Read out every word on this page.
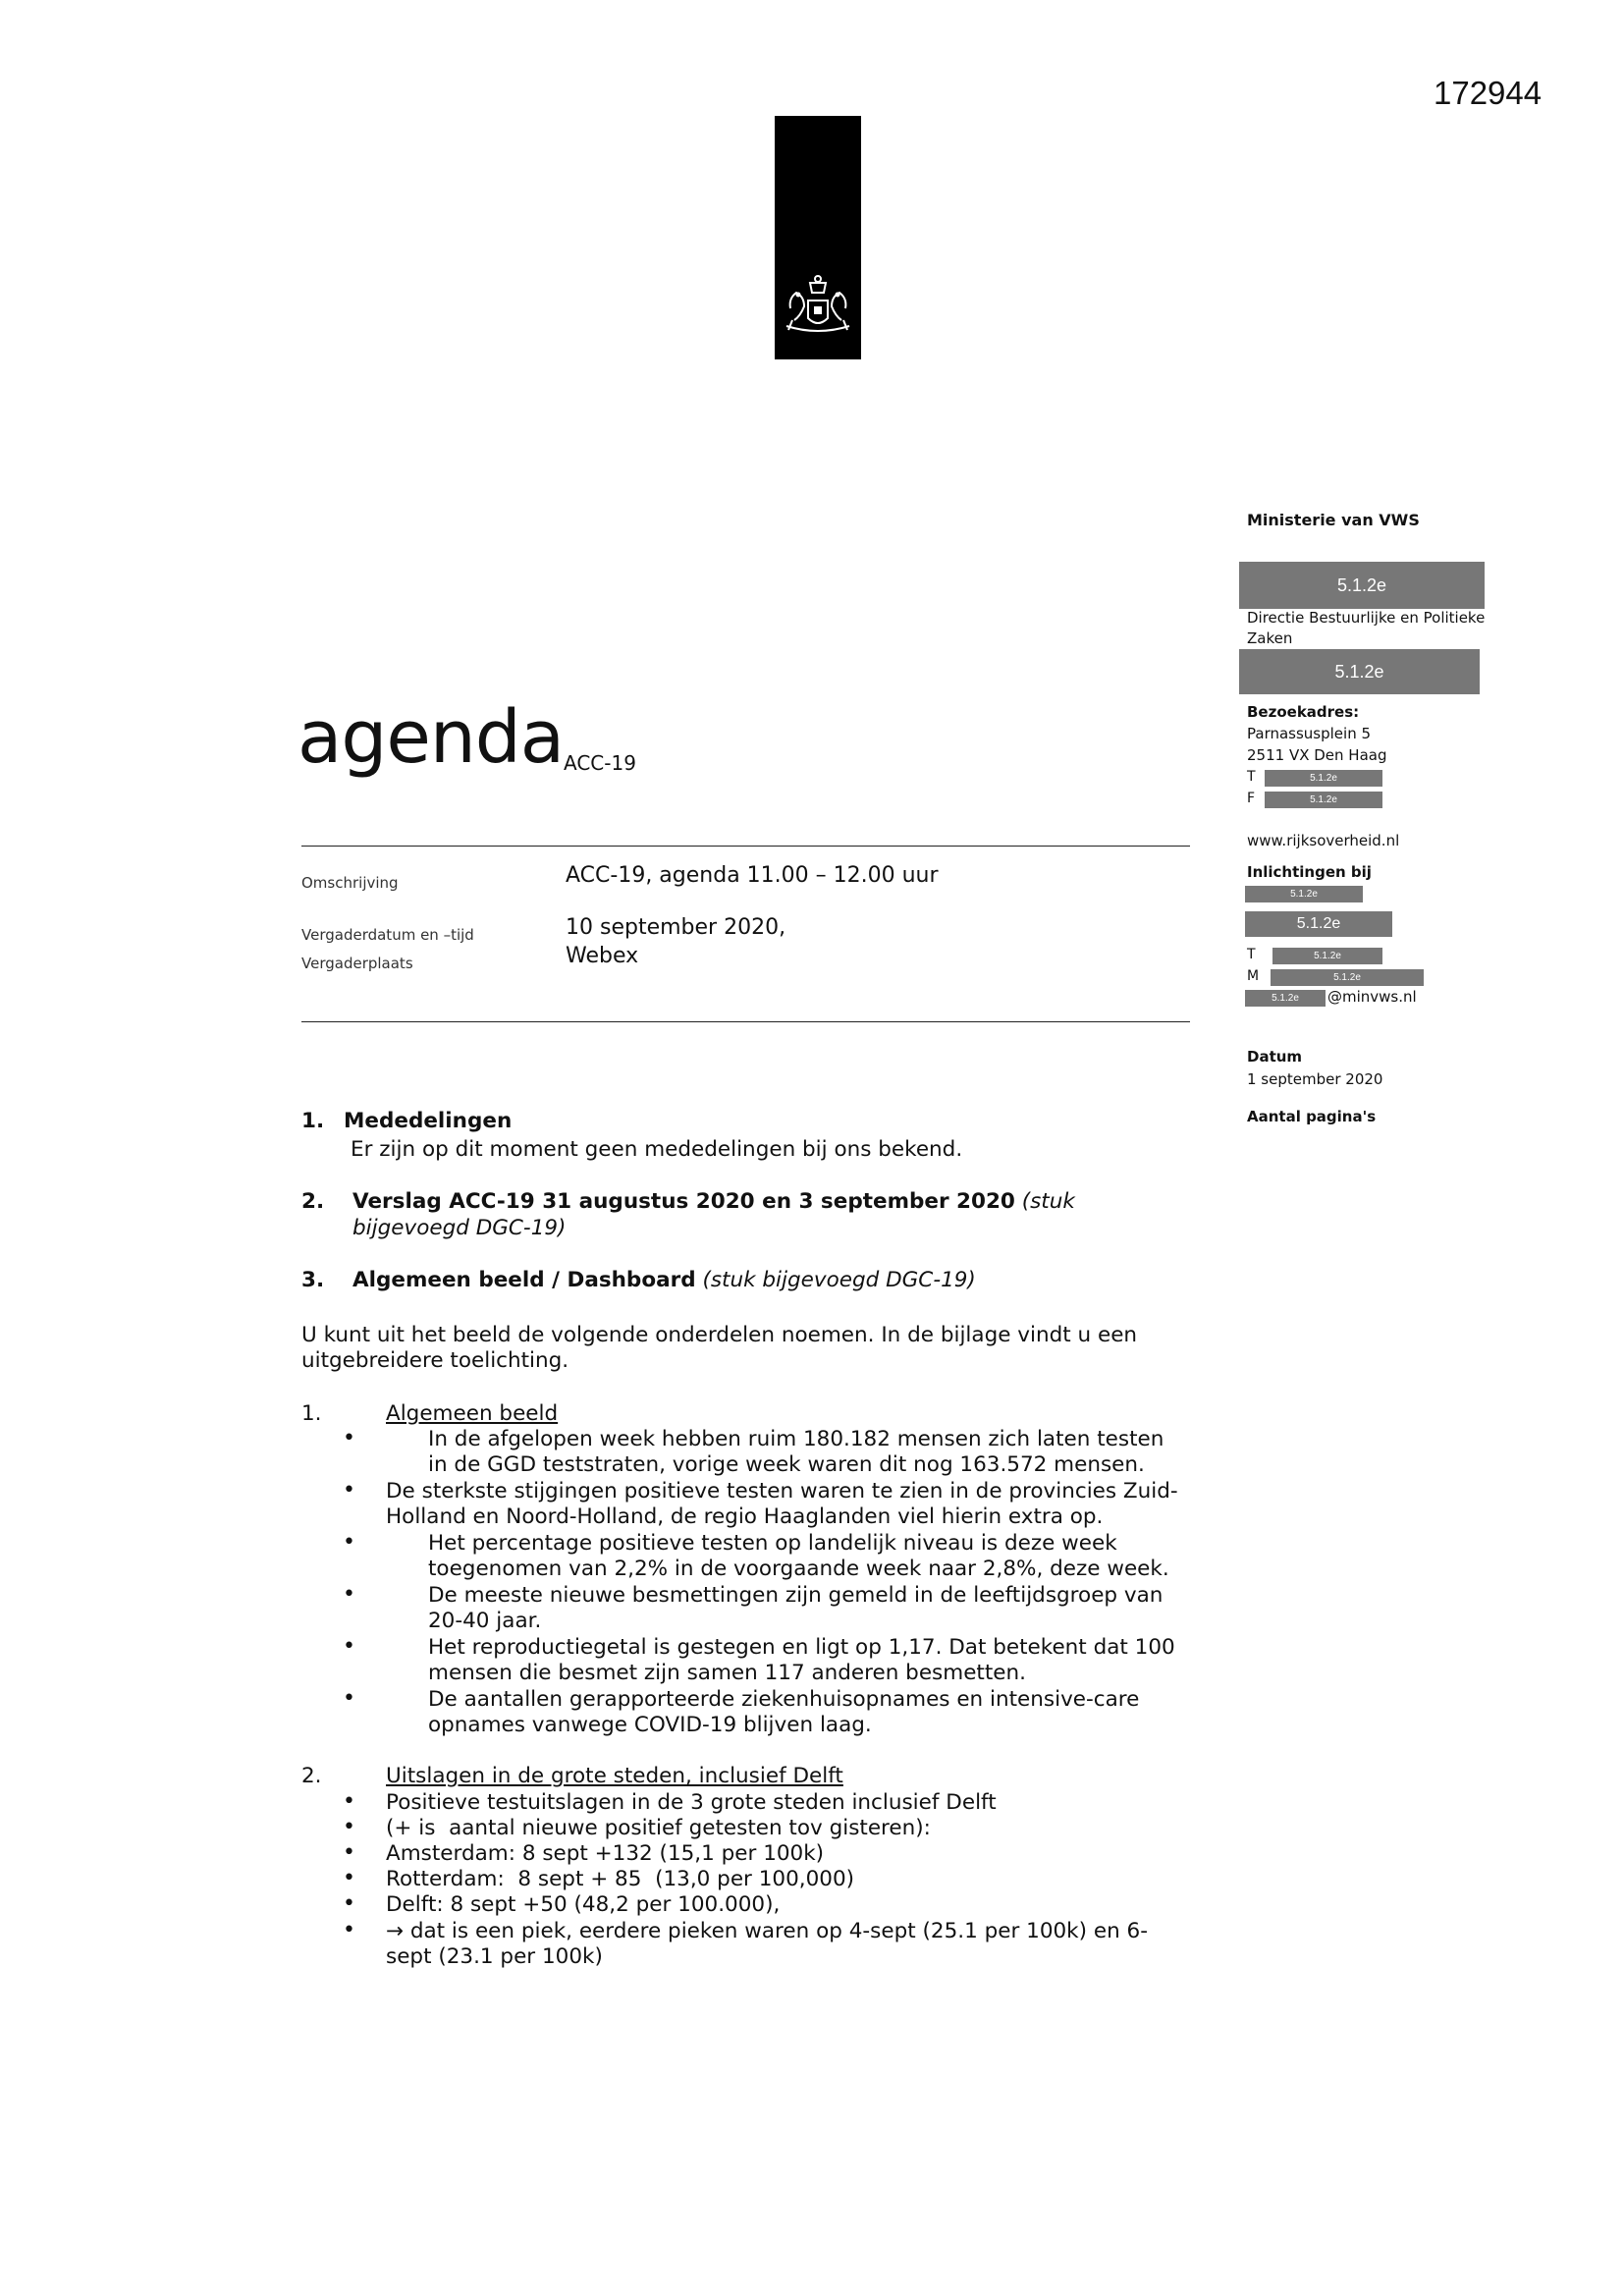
172944
Ministerie van VWS
5.1.2e
Directie Bestuurlijke en Politieke
Zaken
5.1.2e
Bezoekadres:
Parnassusplein 5
2511 VX Den Haag
T	5.1.2e
F	5.1.2e
www.rijksoverheid.nl
Inlichtingen bij
5.1.2e
5.1.2e
T	5.1.2e
M	5.1.2e
5.1.2e	@minvws.nl
Datum
1 september 2020
Aantal pagina's
agenda ACC-19
Omschrijving	ACC-19, agenda 11.00 – 12.00 uur
Vergaderdatum en –tijd	10 september 2020,
Vergaderplaats	Webex
1. Mededelingen
Er zijn op dit moment geen mededelingen bij ons bekend.
2. Verslag ACC-19 31 augustus 2020 en 3 september 2020 (stuk
bijgevoegd DGC-19)
3. Algemeen beeld / Dashboard (stuk bijgevoegd DGC-19)
U kunt uit het beeld de volgende onderdelen noemen. In de bijlage vindt u een
uitgebreidere toelichting.
1.	Algemeen beeld
•	In de afgelopen week hebben ruim 180.182 mensen zich laten testen
in de GGD teststraten, vorige week waren dit nog 163.572 mensen.
• De sterkste stijgingen positieve testen waren te zien in de provincies Zuid-
Holland en Noord-Holland, de regio Haaglanden viel hierin extra op.
•	Het percentage positieve testen op landelijk niveau is deze week
toegenomen van 2,2% in de voorgaande week naar 2,8%, deze week.
•	De meeste nieuwe besmettingen zijn gemeld in de leeftijdsgroep van
20-40 jaar.
•	Het reproductiegetal is gestegen en ligt op 1,17. Dat betekent dat 100
mensen die besmet zijn samen 117 anderen besmetten.
•	De aantallen gerapporteerde ziekenhuisopnames en intensive-care
opnames vanwege COVID-19 blijven laag.
2.	Uitslagen in de grote steden, inclusief Delft
• Positieve testuitslagen in de 3 grote steden inclusief Delft
• (+ is  aantal nieuwe positief getesten tov gisteren):
• Amsterdam: 8 sept +132 (15,1 per 100k)
• Rotterdam:  8 sept + 85  (13,0 per 100,000)
• Delft: 8 sept +50 (48,2 per 100.000),
• → dat is een piek, eerdere pieken waren op 4-sept (25.1 per 100k) en 6-
sept (23.1 per 100k)
